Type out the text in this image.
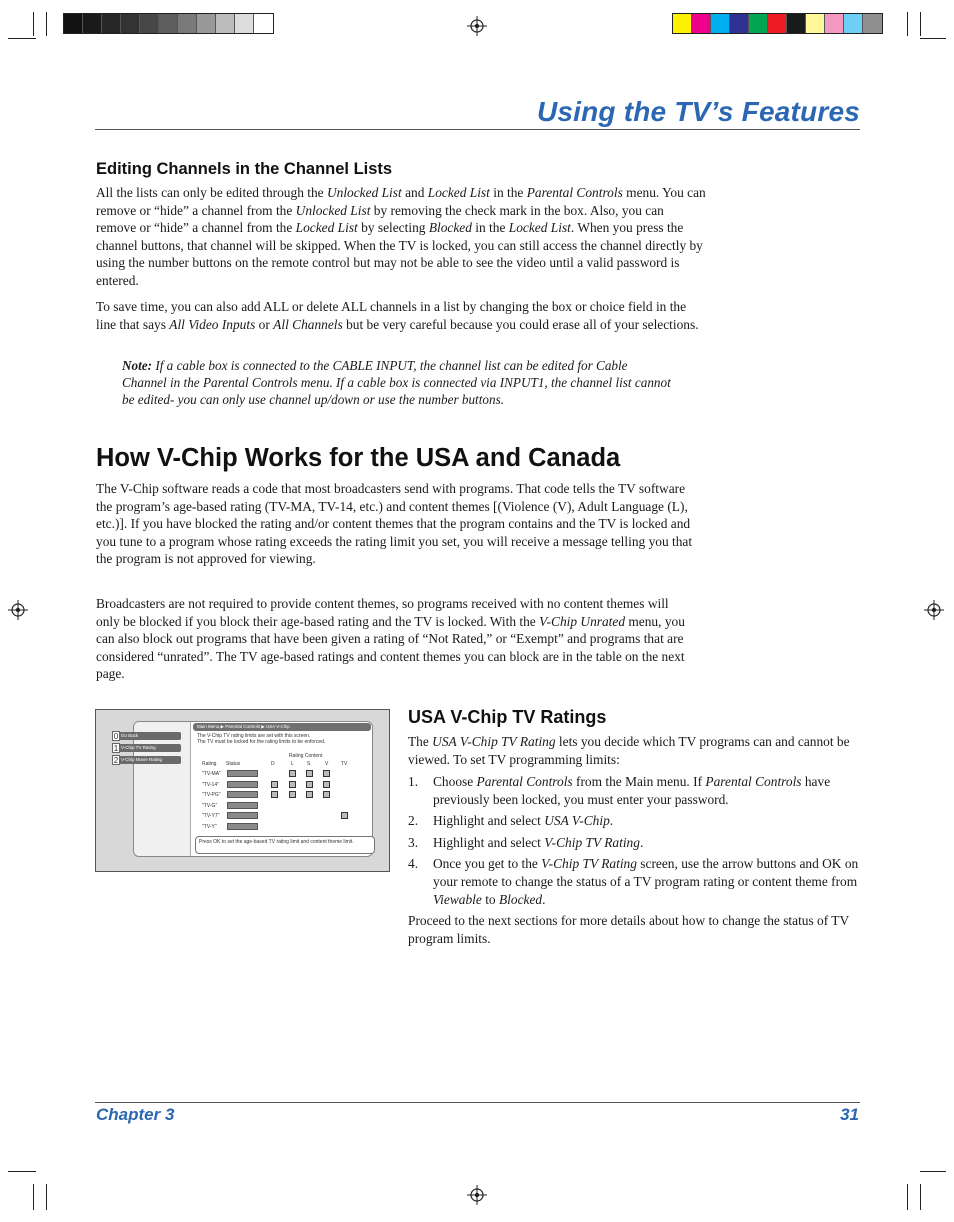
Using the TV’s Features
Editing Channels in the Channel Lists

All the lists can only be edited through the Unlocked List and Locked List in the Parental Controls menu. You can remove or “hide” a channel from the Unlocked List by removing the check mark in the box. Also, you can remove or “hide” a channel from the Locked List by selecting Blocked in the Locked List. When you press the channel buttons, that channel will be skipped. When the TV is locked, you can still access the channel directly by using the number buttons on the remote control but may not be able to see the video until a valid password is entered.

To save time, you can also add ALL or delete ALL channels in a list by changing the box or choice field in the line that says All Video Inputs or All Channels but be very careful because you could erase all of your selections.

Note: If a cable box is connected to the CABLE INPUT, the channel list can be edited for Cable Channel in the Parental Controls menu. If a cable box is connected via INPUT1, the channel list cannot be edited- you can only use channel up/down or use the number buttons.

How V-Chip Works for the USA and Canada

The V-Chip software reads a code that most broadcasters send with programs. That code tells the TV software the program’s age-based rating (TV-MA, TV-14, etc.) and content themes [(Violence (V), Adult Language (L), etc.)]. If you have blocked the rating and/or content themes that the program contains and the TV is locked and you tune to a program whose rating exceeds the rating limit you set, you will receive a message telling you that the program is not approved for viewing.

Broadcasters are not required to provide content themes, so programs received with no content themes will only be blocked if you block their age-based rating and the TV is locked. With the V-Chip Unrated menu, you can also block out programs that have been given a rating of “Not Rated,” or “Exempt” and programs that are considered “unrated”. The TV age-based ratings and content themes you can block are in the table on the next page.

0 Go Back
1 V-Chip TV Rating
2 V-Chip Movie Rating
Main Menu ▶ Parental Controls ▶ USA V-Chip
The V-Chip TV rating limits are set with this screen.
The TV must be locked for the rating limits to be enforced.
Rating Content
Rating Status	D	L	S	V	TV
"TV-MA"
"TV-14"
"TV-PG"
"TV-G"
"TV-Y7"
"TV-Y"
Press OK to set the age-based TV rating limit and content theme limit.
USA V-Chip TV Ratings

The USA V-Chip TV Rating lets you decide which TV programs can and cannot be viewed. To set TV programming limits:

1. Choose Parental Controls from the Main menu. If Parental Controls have previously been locked, you must enter your password.
2. Highlight and select USA V-Chip.
3. Highlight and select V-Chip TV Rating.
4. Once you get to the V-Chip TV Rating screen, use the arrow buttons and OK on your remote to change the status of a TV program rating or content theme from Viewable to Blocked.

Proceed to the next sections for more details about how to change the status of TV program limits.

Chapter 3	31
